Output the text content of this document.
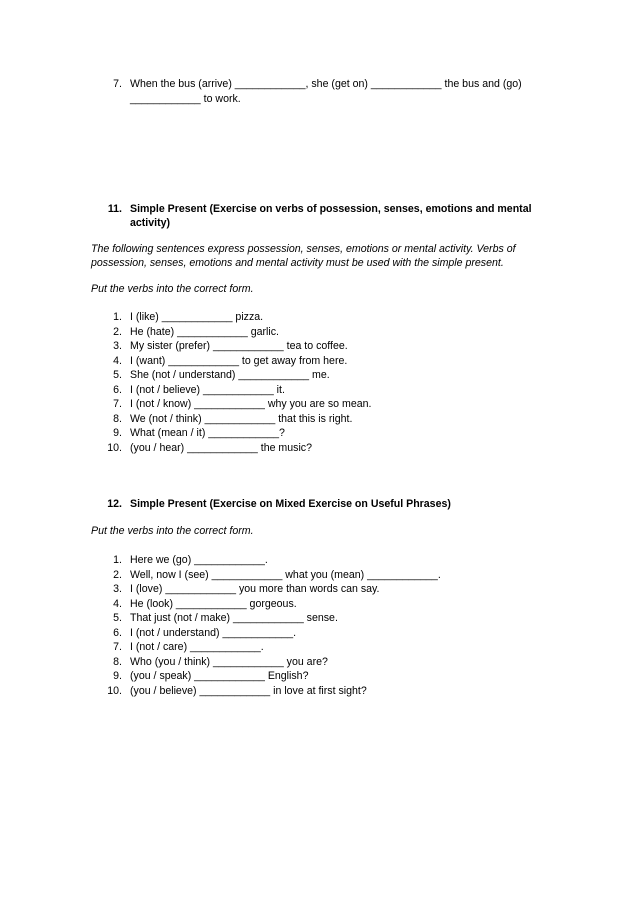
7. When the bus (arrive) ____________, she (get on) ____________ the bus and (go)
____________ to work.
11. Simple Present (Exercise on verbs of possession, senses, emotions and mental
activity)
The following sentences express possession, senses, emotions or mental activity. Verbs of
possession, senses, emotions and mental activity must be used with the simple present.
Put the verbs into the correct form.
1. I (like) ____________ pizza.
2. He (hate) ____________ garlic.
3. My sister (prefer) ____________ tea to coffee.
4. I (want) ____________ to get away from here.
5. She (not / understand) ____________ me.
6. I (not / believe) ____________ it.
7. I (not / know) ____________ why you are so mean.
8. We (not / think) ____________ that this is right.
9. What (mean / it) ____________?
10. (you / hear) ____________ the music?
12. Simple Present (Exercise on Mixed Exercise on Useful Phrases)
Put the verbs into the correct form.
1. Here we (go) ____________.
2. Well, now I (see) ____________ what you (mean) ____________.
3. I (love) ____________ you more than words can say.
4. He (look) ____________ gorgeous.
5. That just (not / make) ____________ sense.
6. I (not / understand) ____________.
7. I (not / care) ____________.
8. Who (you / think) ____________ you are?
9. (you / speak) ____________ English?
10. (you / believe) ____________ in love at first sight?
